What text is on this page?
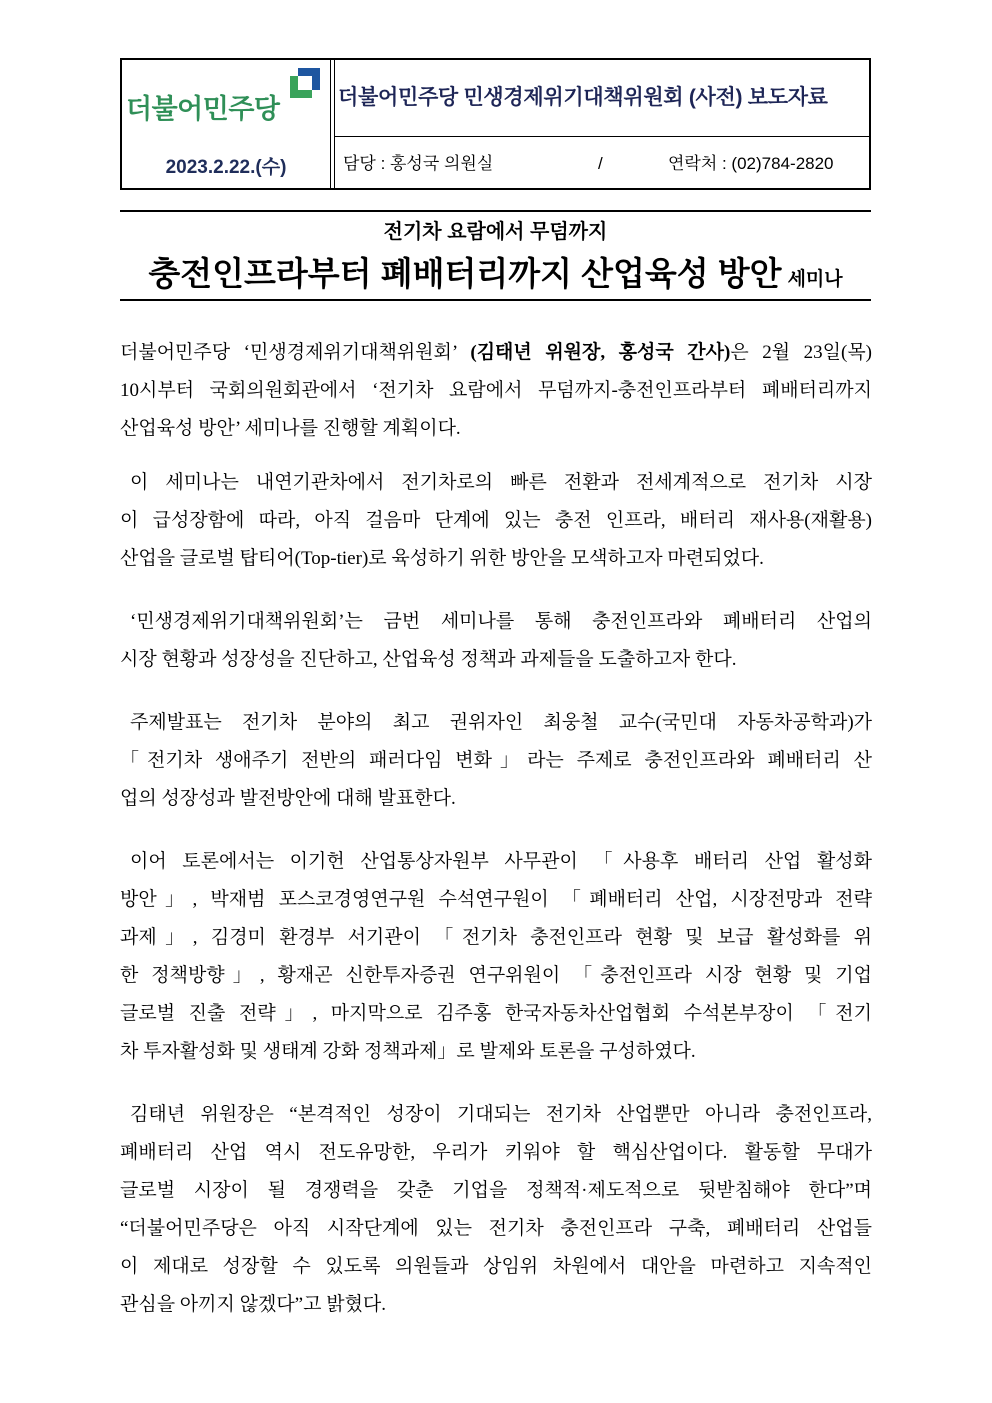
더불어민주당
2023.2.22.(수)
더불어민주당 민생경제위기대책위원회 (사전) 보도자료
담당 : 홍성국 의원실	/	연락처 : (02)784-2820
전기차 요람에서 무덤까지
충전인프라부터 폐배터리까지 산업육성 방안 세미나

더불어민주당 ‘민생경제위기대책위원회’ (김태년 위원장, 홍성국 간사)은 2월 23일(목)
10시부터 국회의원회관에서 ‘전기차 요람에서 무덤까지-충전인프라부터 폐배터리까지
산업육성 방안’ 세미나를 진행할 계획이다.

이 세미나는 내연기관차에서 전기차로의 빠른 전환과 전세계적으로 전기차 시장
이 급성장함에 따라, 아직 걸음마 단계에 있는 충전 인프라, 배터리 재사용(재활용)
산업을 글로벌 탑티어(Top-tier)로 육성하기 위한 방안을 모색하고자 마련되었다.

‘민생경제위기대책위원회’는 금번 세미나를 통해 충전인프라와 폐배터리 산업의
시장 현황과 성장성을 진단하고, 산업육성 정책과 과제들을 도출하고자 한다.

주제발표는 전기차 분야의 최고 권위자인 최웅철 교수(국민대 자동차공학과)가
「전기차 생애주기 전반의 패러다임 변화」라는 주제로 충전인프라와 폐배터리 산
업의 성장성과 발전방안에 대해 발표한다.

이어 토론에서는 이기헌 산업통상자원부 사무관이 「사용후 배터리 산업 활성화
방안」, 박재범 포스코경영연구원 수석연구원이 「폐배터리 산업, 시장전망과 전략
과제」, 김경미 환경부 서기관이 「전기차 충전인프라 현황 및 보급 활성화를 위
한 정책방향」, 황재곤 신한투자증권 연구위원이 「충전인프라 시장 현황 및 기업
글로벌 진출 전략」, 마지막으로 김주홍 한국자동차산업협회 수석본부장이 「전기
차 투자활성화 및 생태계 강화 정책과제」로 발제와 토론을 구성하였다.

김태년 위원장은 “본격적인 성장이 기대되는 전기차 산업뿐만 아니라 충전인프라,
폐배터리 산업 역시 전도유망한, 우리가 키워야 할 핵심산업이다. 활동할 무대가
글로벌 시장이 될 경쟁력을 갖춘 기업을 정책적·제도적으로 뒷받침해야 한다”며
“더불어민주당은 아직 시작단계에 있는 전기차 충전인프라 구축, 폐배터리 산업들
이 제대로 성장할 수 있도록 의원들과 상임위 차원에서 대안을 마련하고 지속적인
관심을 아끼지 않겠다”고 밝혔다.
